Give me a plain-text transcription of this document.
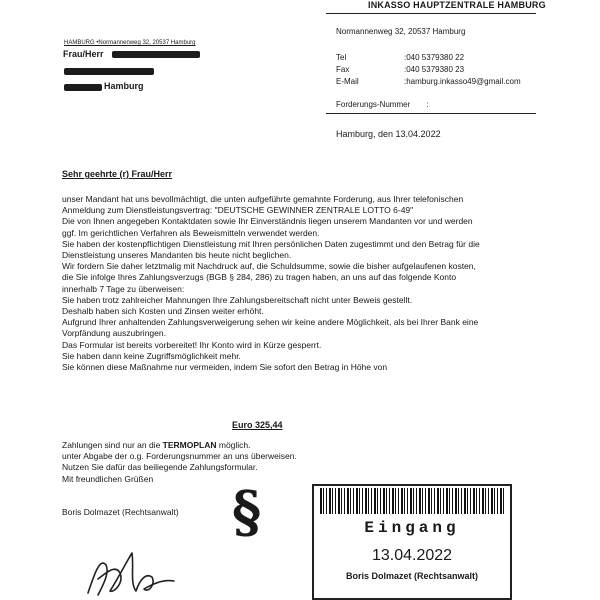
INKASSO HAUPTZENTRALE HAMBURG
Normannenweg 32, 20537 Hamburg
Tel	:040 5379380 22
Fax	:040 5379380 23
E-Mail	:hamburg.inkasso49@gmail.com
Forderungs-Nummer :
Hamburg, den 13.04.2022
HAMBURG •Normannenweg 32, 20537 Hamburg
Frau/Herr
Hamburg
Sehr geehrte (r) Frau/Herr

unser Mandant hat uns bevollmächtigt, die unten aufgeführte gemahnte Forderung, aus Ihrer telefonischen

Anmeldung zum Dienstleistungsvertrag: "DEUTSCHE GEWINNER ZENTRALE LOTTO 6-49"

Die von Ihnen angegeben Kontaktdaten sowie Ihr Einverständnis liegen unserem Mandanten vor und werden

ggf. Im gerichtlichen Verfahren als Beweismitteln verwendet werden.

Sie haben der kostenpflichtigen Dienstleistung mit Ihren persönlichen Daten zugestimmt und den Betrag für die

Dienstleistung unseres Mandanten bis heute nicht beglichen.

Wir fordern Sie daher letztmalig mit Nachdruck auf, die Schuldsumme, sowie die bisher aufgelaufenen kosten,

die Sie infolge Ihres Zahlungsverzugs (BGB § 284, 286) zu tragen haben, an uns auf das folgende Konto

innerhalb 7 Tage zu überweisen:

Sie haben trotz zahlreicher Mahnungen Ihre Zahlungsbereitschaft nicht unter Beweis gestellt.

Deshalb haben sich Kosten und Zinsen weiter erhöht.

Aufgrund Ihrer anhaltenden Zahlungsverweigerung sehen wir keine andere Möglichkeit, als bei Ihrer Bank eine

Vorpfändung auszubringen.

Das Formular ist bereits vorbereitet! Ihr Konto wird in Kürze gesperrt.

Sie haben dann keine Zugriffsmöglichkeit mehr.

Sie können diese Maßnahme nur vermeiden, indem Sie sofort den Betrag in Höhe von

Euro 325,44

Zahlungen sind nur an die TERMOPLAN möglich.

unter Abgabe der o.g. Forderungsnummer an uns überweisen.

Nutzen Sie dafür das beiliegende Zahlungsformular.

Mit freundlichen Grüßen

Boris Dolmazet (Rechtsanwalt) §	Eingang
13.04.2022
Boris Dolmazet (Rechtsanwalt)
